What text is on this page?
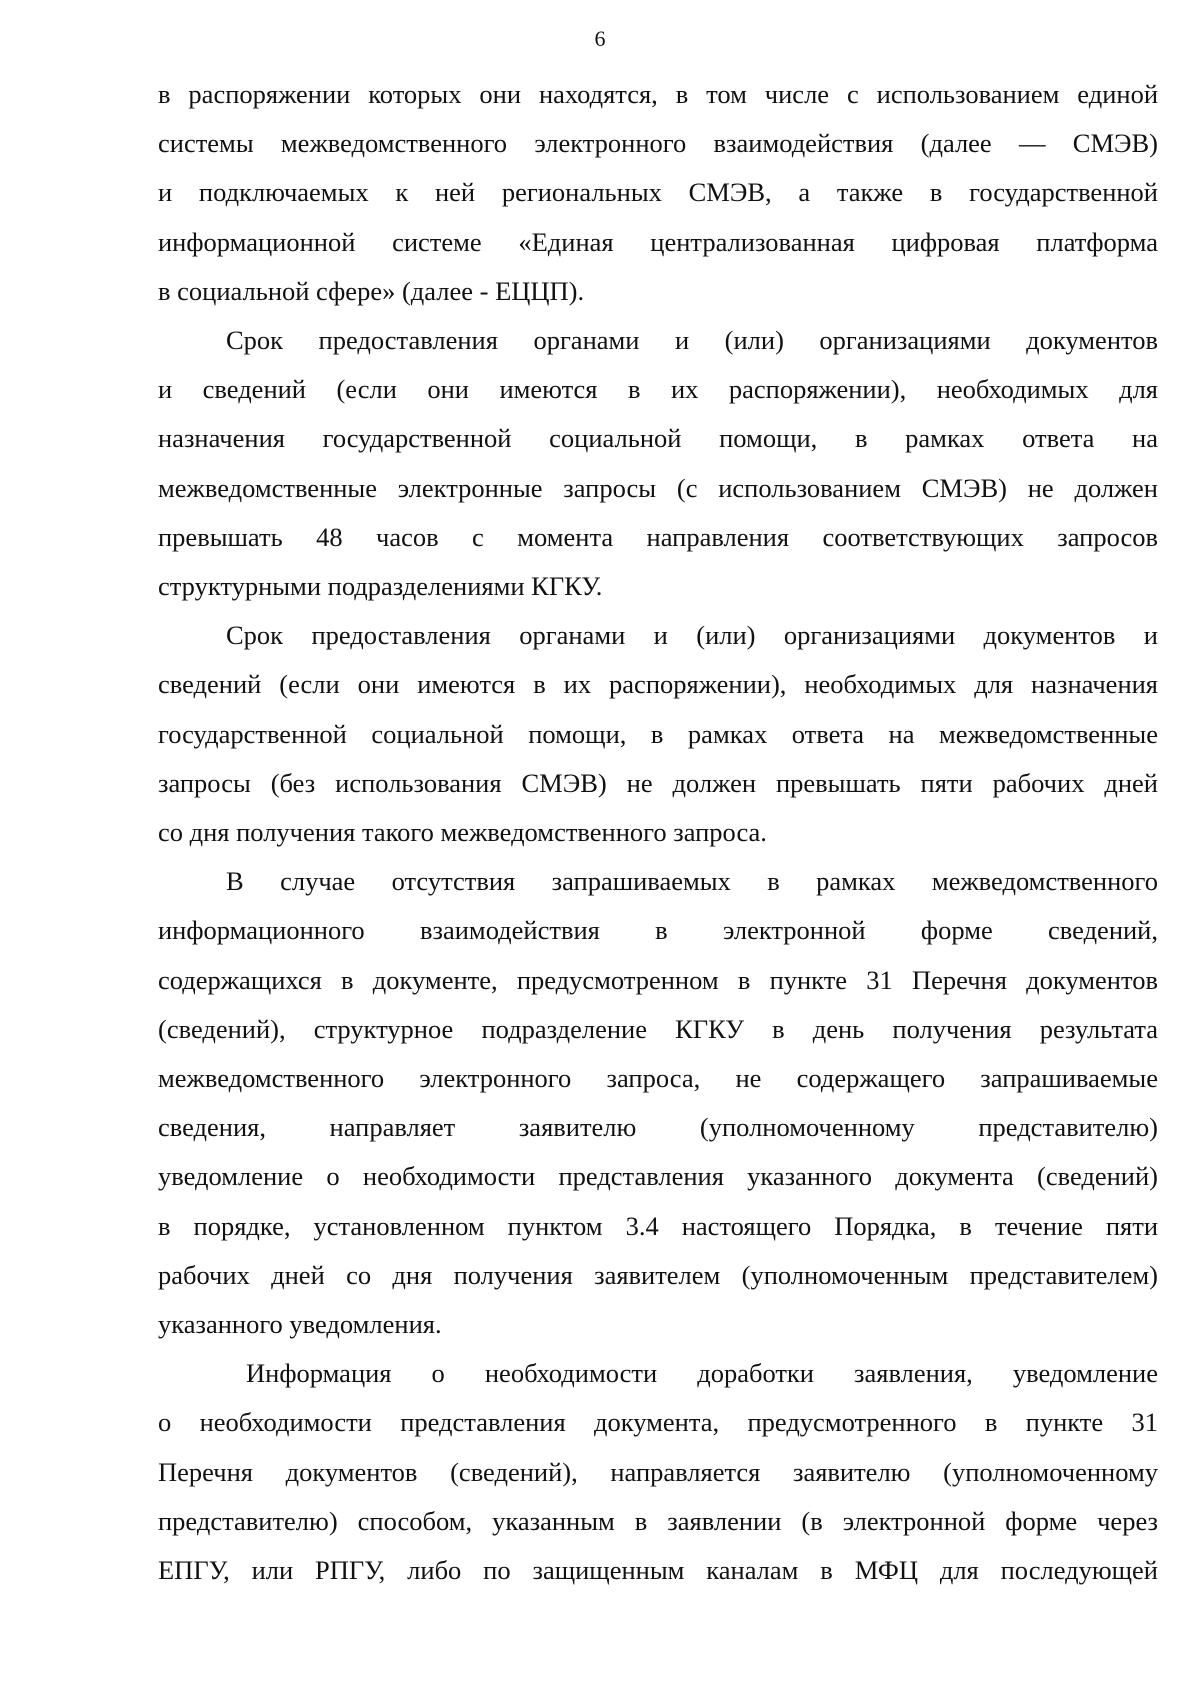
6

в распоряжении которых они находятся, в том числе с использованием единой
системы межведомственного электронного взаимодействия (далее — СМЭВ)
и подключаемых к ней региональных СМЭВ, а также в государственной
информационной системе «Единая централизованная цифровая платформа
в социальной сфере» (далее - ЕЦЦП).

Срок предоставления органами и (или) организациями документов
и сведений (если они имеются в их распоряжении), необходимых для
назначения государственной социальной помощи, в рамках ответа на
межведомственные электронные запросы (с использованием СМЭВ) не должен
превышать 48 часов с момента направления соответствующих запросов
структурными подразделениями КГКУ.

Срок предоставления органами и (или) организациями документов и
сведений (если они имеются в их распоряжении), необходимых для назначения
государственной социальной помощи, в рамках ответа на межведомственные
запросы (без использования СМЭВ) не должен превышать пяти рабочих дней
со дня получения такого межведомственного запроса.

В случае отсутствия запрашиваемых в рамках межведомственного
информационного взаимодействия в электронной форме сведений,
содержащихся в документе, предусмотренном в пункте 31 Перечня документов
(сведений), структурное подразделение КГКУ в день получения результата
межведомственного электронного запроса, не содержащего запрашиваемые
сведения, направляет заявителю (уполномоченному представителю)
уведомление о необходимости представления указанного документа (сведений)
в порядке, установленном пунктом 3.4 настоящего Порядка, в течение пяти
рабочих дней со дня получения заявителем (уполномоченным представителем)
указанного уведомления.

Информация о необходимости доработки заявления, уведомление
о необходимости представления документа, предусмотренного в пункте 31
Перечня документов (сведений), направляется заявителю (уполномоченному
представителю) способом, указанным в заявлении (в электронной форме через
ЕПГУ, или РПГУ, либо по защищенным каналам в МФЦ для последующей
